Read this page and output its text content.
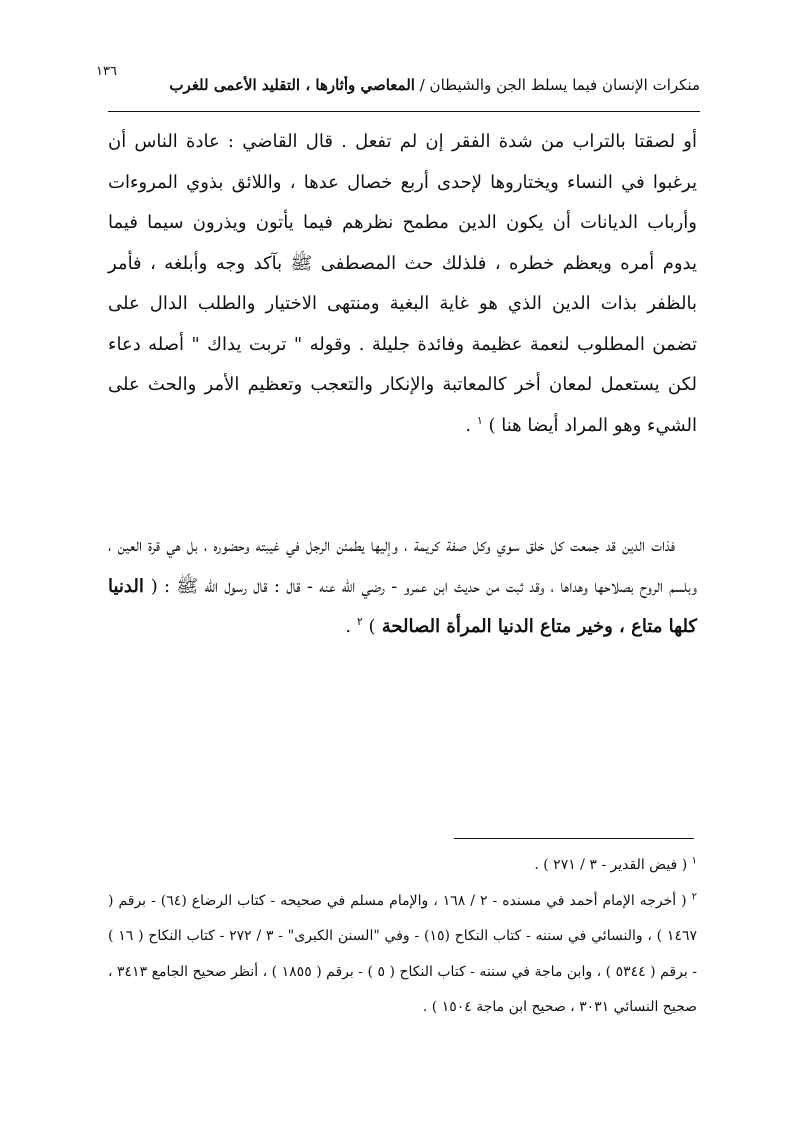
١٣٦
منكرات الإنسان فيما يسلط الجن والشيطان / المعاصي وأثارها ، التقليد الأعمى للغرب

أو لصقتا بالتراب من شدة الفقر إن لم تفعل . قال القاضي : عادة الناس أن يرغبوا في النساء ويختاروها لإحدى أربع خصال عدها ، واللائق بذوي المروءات وأرباب الديانات أن يكون الدين مطمح نظرهم فيما يأتون ويذرون سيما فيما يدوم أمره ويعظم خطره ، فلذلك حث المصطفى ﷺ بآكد وجه وأبلغه ، فأمر بالظفر بذات الدين الذي هو غاية البغية ومنتهى الاختيار والطلب الدال على تضمن المطلوب لنعمة عظيمة وفائدة جليلة . وقوله " تربت يداك " أصله دعاء لكن يستعمل لمعان أخر كالمعاتبة والإنكار والتعجب وتعظيم الأمر والحث على الشيء وهو المراد أيضا هنا ) $^١$ .

فذات الدين قد جمعت كل خلق سوي وكل صفة كريمة ، وإليها يطمئن الرجل في غيبته وحضوره ، بل هي قرة العين ، وبلسم الروح بصلاحها وهداها ، وقد ثبت من حديث ابن عمرو - رضي الله عنه - قال : قال رسول الله ﷺ : ( الدنيا كلها متاع ، وخير متاع الدنيا المرأة الصالحة ) $^٢$ .

$^١$ ( فيض القدير - ٣ / ٢٧١ ) .

$^٢$ ( أخرجه الإمام أحمد في مسنده - ٢ / ١٦٨ ، والإمام مسلم في صحيحه - كتاب الرضاع (٦٤) - برقم ( ١٤٦٧ ) ، والنسائي في سننه - كتاب النكاح (١٥) - وفي "السنن الكبرى" - ٣ / ٢٧٢ - كتاب النكاح ( ١٦ ) - برقم ( ٥٣٤٤ ) ، وابن ماجة في سننه - كتاب النكاح ( ٥ ) - برقم ( ١٨٥٥ ) ، أنظر صحيح الجامع ٣٤١٣ ، صحيح النسائي ٣٠٣١ ، صحيح ابن ماجة ١٥٠٤ ) .
